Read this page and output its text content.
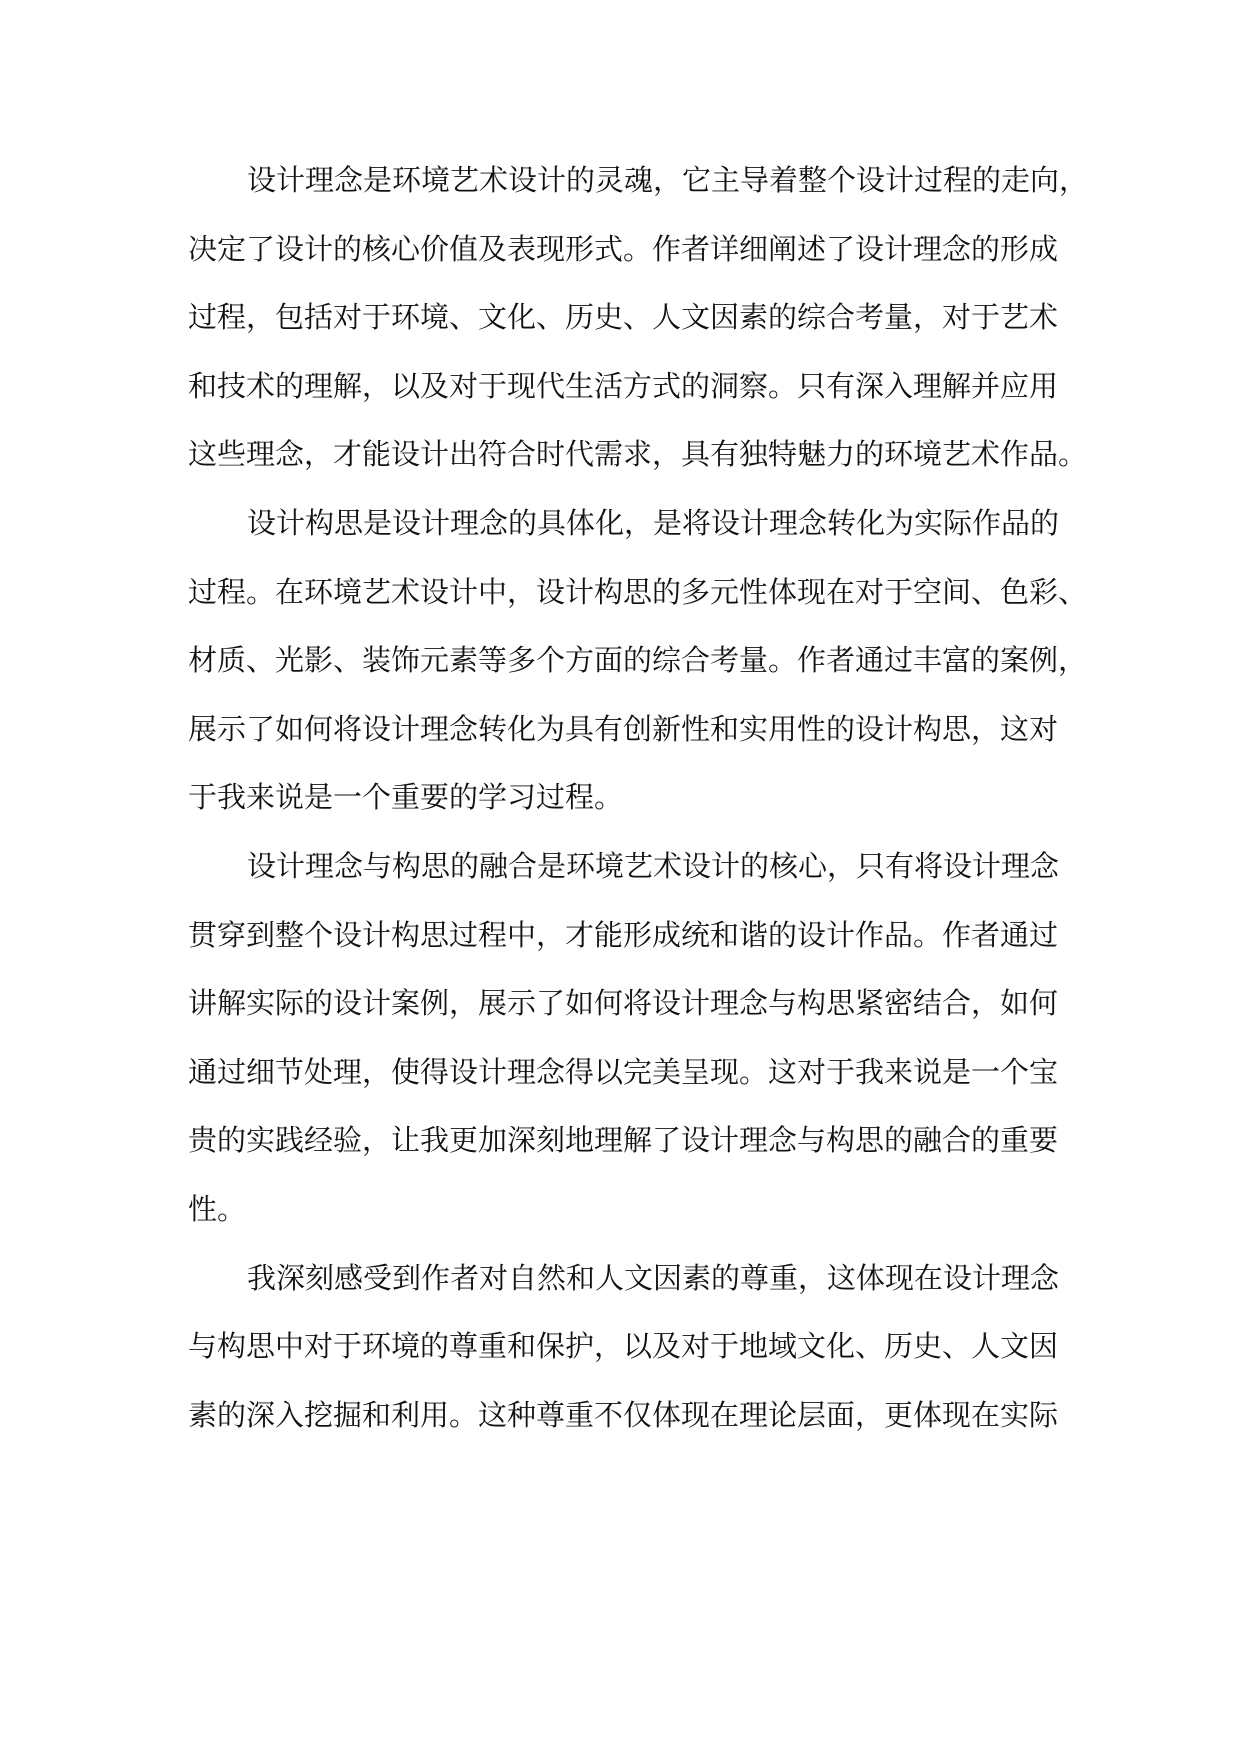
设计理念是环境艺术设计的灵魂，它主导着整个设计过程的走向，
决定了设计的核心价值及表现形式。作者详细阐述了设计理念的形成
过程，包括对于环境、文化、历史、人文因素的综合考量，对于艺术
和技术的理解，以及对于现代生活方式的洞察。只有深入理解并应用
这些理念，才能设计出符合时代需求，具有独特魅力的环境艺术作品。

设计构思是设计理念的具体化，是将设计理念转化为实际作品的
过程。在环境艺术设计中，设计构思的多元性体现在对于空间、色彩、
材质、光影、装饰元素等多个方面的综合考量。作者通过丰富的案例，
展示了如何将设计理念转化为具有创新性和实用性的设计构思，这对
于我来说是一个重要的学习过程。

设计理念与构思的融合是环境艺术设计的核心，只有将设计理念
贯穿到整个设计构思过程中，才能形成统和谐的设计作品。作者通过
讲解实际的设计案例，展示了如何将设计理念与构思紧密结合，如何
通过细节处理，使得设计理念得以完美呈现。这对于我来说是一个宝
贵的实践经验，让我更加深刻地理解了设计理念与构思的融合的重要
性。

我深刻感受到作者对自然和人文因素的尊重，这体现在设计理念
与构思中对于环境的尊重和保护，以及对于地域文化、历史、人文因
素的深入挖掘和利用。这种尊重不仅体现在理论层面，更体现在实际
